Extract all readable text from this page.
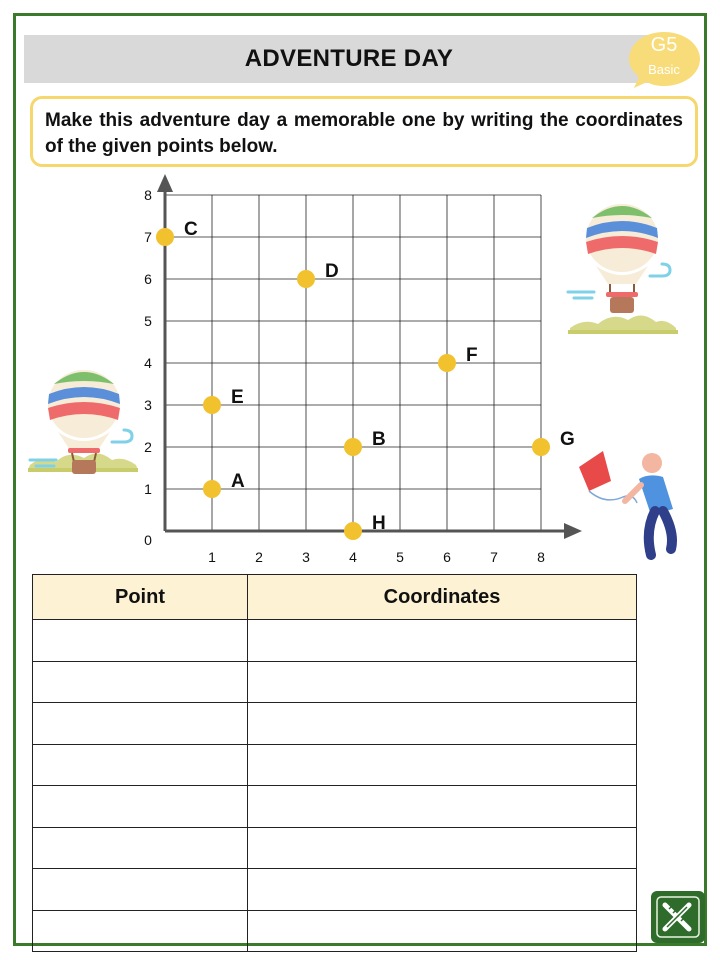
ADVENTURE DAY	G5
Basic

Make this adventure day a memorable one by writing the coordinates of the given points below.

1	2	3	4	5	6	7	8
1
2
3
4
5
6
7
8
0
A
B
C
D
E
F
G
H
Point	Coordinates
